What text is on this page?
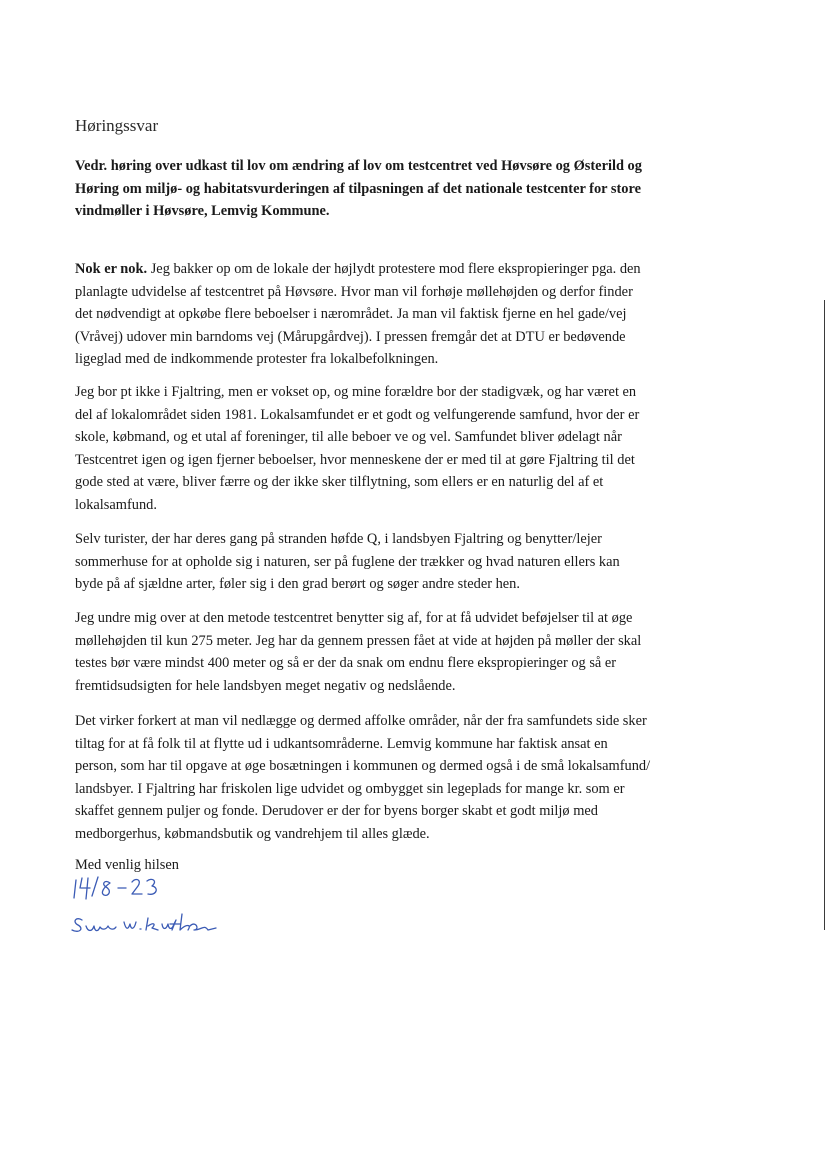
Høringssvar
Vedr. høring over udkast til lov om ændring af lov om testcentret ved Høvsøre og Østerild og
Høring om miljø- og habitatsvurderingen af tilpasningen af det nationale testcenter for store
vindmøller i Høvsøre, Lemvig Kommune.
Nok er nok. Jeg bakker op om de lokale der højlydt protestere mod flere ekspropieringer pga. den
planlagte udvidelse af testcentret på Høvsøre. Hvor man vil forhøje møllehøjden og derfor finder
det nødvendigt at opkøbe flere beboelser i nærområdet. Ja man vil faktisk fjerne en hel gade/vej
(Vråvej) udover min barndoms vej (Mårupgårdvej). I pressen fremgår det at DTU er bedøvende
ligeglad med de indkommende protester fra lokalbefolkningen.
Jeg bor pt ikke i Fjaltring, men er vokset op, og mine forældre bor der stadigvæk, og har været en
del af lokalområdet siden 1981. Lokalsamfundet er et godt og velfungerende samfund, hvor der er
skole, købmand, og et utal af foreninger, til alle beboer ve og vel. Samfundet bliver ødelagt når
Testcentret igen og igen fjerner beboelser, hvor menneskene der er med til at gøre Fjaltring til det
gode sted at være, bliver færre og der ikke sker tilflytning, som ellers er en naturlig del af et
lokalsamfund.
Selv turister, der har deres gang på stranden høfde Q, i landsbyen Fjaltring og benytter/lejer
sommerhuse for at opholde sig i naturen, ser på fuglene der trækker og hvad naturen ellers kan
byde på af sjældne arter, føler sig i den grad berørt og søger andre steder hen.
Jeg undre mig over at den metode testcentret benytter sig af, for at få udvidet beføjelser til at øge
møllehøjden til kun 275 meter. Jeg har da gennem pressen fået at vide at højden på møller der skal
testes bør være mindst 400 meter og så er der da snak om endnu flere ekspropieringer og så er
fremtidsudsigten for hele landsbyen meget negativ og nedslående.
Det virker forkert at man vil nedlægge og dermed affolke områder, når der fra samfundets side sker
tiltag for at få folk til at flytte ud i udkantsområderne. Lemvig kommune har faktisk ansat en
person, som har til opgave at øge bosætningen i kommunen og dermed også i de små lokalsamfund/
landsbyer. I Fjaltring har friskolen lige udvidet og ombygget sin legeplads for mange kr. som er
skaffet gennem puljer og fonde. Derudover er der for byens borger skabt et godt miljø med
medborgerhus, købmandsbutik og vandrehjem til alles glæde.

Med venlig hilsen
